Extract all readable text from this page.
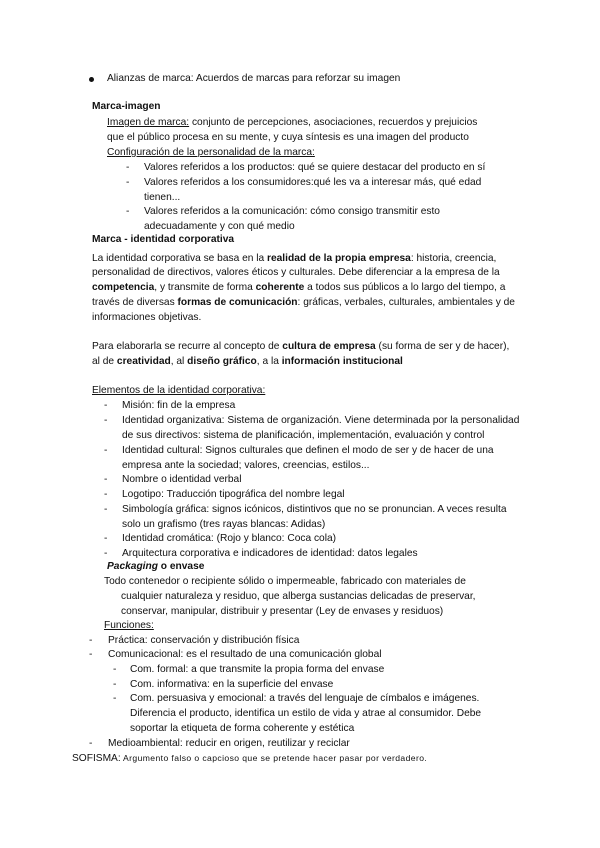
Alianzas de marca: Acuerdos de marcas para reforzar su imagen
Marca-imagen
Imagen de marca: conjunto de percepciones, asociaciones, recuerdos y prejuicios
que el público procesa en su mente, y cuya síntesis es una imagen del producto
Configuración de la personalidad de la marca:
- Valores referidos a los productos: qué se quiere destacar del producto en sí
- Valores referidos a los consumidores:qué les va a interesar más, qué edad
tienen...
- Valores referidos a la comunicación: cómo consigo transmitir esto
adecuadamente y con qué medio
Marca - identidad corporativa
La identidad corporativa se basa en la realidad de la propia empresa: historia, creencia,
personalidad de directivos, valores éticos y culturales. Debe diferenciar a la empresa de la
competencia, y transmite de forma coherente a todos sus públicos a lo largo del tiempo, a
través de diversas formas de comunicación: gráficas, verbales, culturales, ambientales y de
informaciones objetivas.
Para elaborarla se recurre al concepto de cultura de empresa (su forma de ser y de hacer),
al de creatividad, al diseño gráfico, a la información institucional
Elementos de la identidad corporativa:
- Misión: fin de la empresa
- Identidad organizativa: Sistema de organización. Viene determinada por la personalidad
de sus directivos: sistema de planificación, implementación, evaluación y control
- Identidad cultural: Signos culturales que definen el modo de ser y de hacer de una
empresa ante la sociedad; valores, creencias, estilos...
- Nombre o identidad verbal
- Logotipo: Traducción tipográfica del nombre legal
- Simbología gráfica: signos icónicos, distintivos que no se pronuncian. A veces resulta
solo un grafismo (tres rayas blancas: Adidas)
- Identidad cromática: (Rojo y blanco: Coca cola)
- Arquitectura corporativa e indicadores de identidad: datos legales
Packaging o envase
Todo contenedor o recipiente sólido o impermeable, fabricado con materiales de
cualquier naturaleza y residuo, que alberga sustancias delicadas de preservar,
conservar, manipular, distribuir y presentar (Ley de envases y residuos)
Funciones:
- Práctica: conservación y distribución física
- Comunicacional: es el resultado de una comunicación global
- Com. formal: a que transmite la propia forma del envase
- Com. informativa: en la superficie del envase
- Com. persuasiva y emocional: a través del lenguaje de címbalos e imágenes.
Diferencia el producto, identifica un estilo de vida y atrae al consumidor. Debe
soportar la etiqueta de forma coherente y estética
- Medioambiental: reducir en origen, reutilizar y reciclar
SOFISMA: Argumento falso o capcioso que se pretende hacer pasar por verdadero.
